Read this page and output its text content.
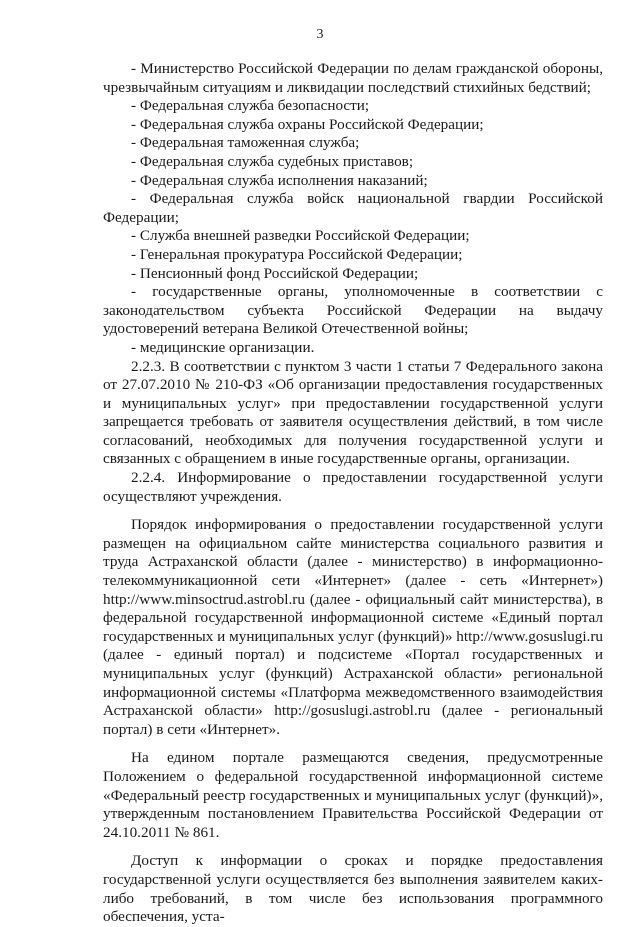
3

- Министерство Российской Федерации по делам гражданской обороны, чрезвычайным ситуациям и ликвидации последствий стихийных бедствий;

- Федеральная служба безопасности;

- Федеральная служба охраны Российской Федерации;

- Федеральная таможенная служба;

- Федеральная служба судебных приставов;

- Федеральная служба исполнения наказаний;

- Федеральная служба войск национальной гвардии Российской Федерации;

- Служба внешней разведки Российской Федерации;

- Генеральная прокуратура Российской Федерации;

- Пенсионный фонд Российской Федерации;

- государственные органы, уполномоченные в соответствии с законодательством субъекта Российской Федерации на выдачу удостоверений ветерана Великой Отечественной войны;

- медицинские организации.

2.2.3. В соответствии с пунктом 3 части 1 статьи 7 Федерального закона от 27.07.2010 № 210-ФЗ «Об организации предоставления государственных и муниципальных услуг» при предоставлении государственной услуги запрещается требовать от заявителя осуществления действий, в том числе согласований, необходимых для получения государственной услуги и связанных с обращением в иные государственные органы, организации.

2.2.4. Информирование о предоставлении государственной услуги осуществляют учреждения.

Порядок информирования о предоставлении государственной услуги размещен на официальном сайте министерства социального развития и труда Астраханской области (далее - министерство) в информационно-телекоммуникационной сети «Интернет» (далее - сеть «Интернет») http://www.minsoctrud.astrobl.ru (далее - официальный сайт министерства), в федеральной государственной информационной системе «Единый портал государственных и муниципальных услуг (функций)» http://www.gosuslugi.ru (далее - единый портал) и подсистеме «Портал государственных и муниципальных услуг (функций) Астраханской области» региональной информационной системы «Платформа межведомственного взаимодействия Астраханской области» http://gosuslugi.astrobl.ru (далее - региональный портал) в сети «Интернет».

На едином портале размещаются сведения, предусмотренные Положением о федеральной государственной информационной системе «Федеральный реестр государственных и муниципальных услуг (функций)», утвержденным постановлением Правительства Российской Федерации от 24.10.2011 № 861.

Доступ к информации о сроках и порядке предоставления государственной услуги осуществляется без выполнения заявителем каких-либо требований, в том числе без использования программного обеспечения, уста-
